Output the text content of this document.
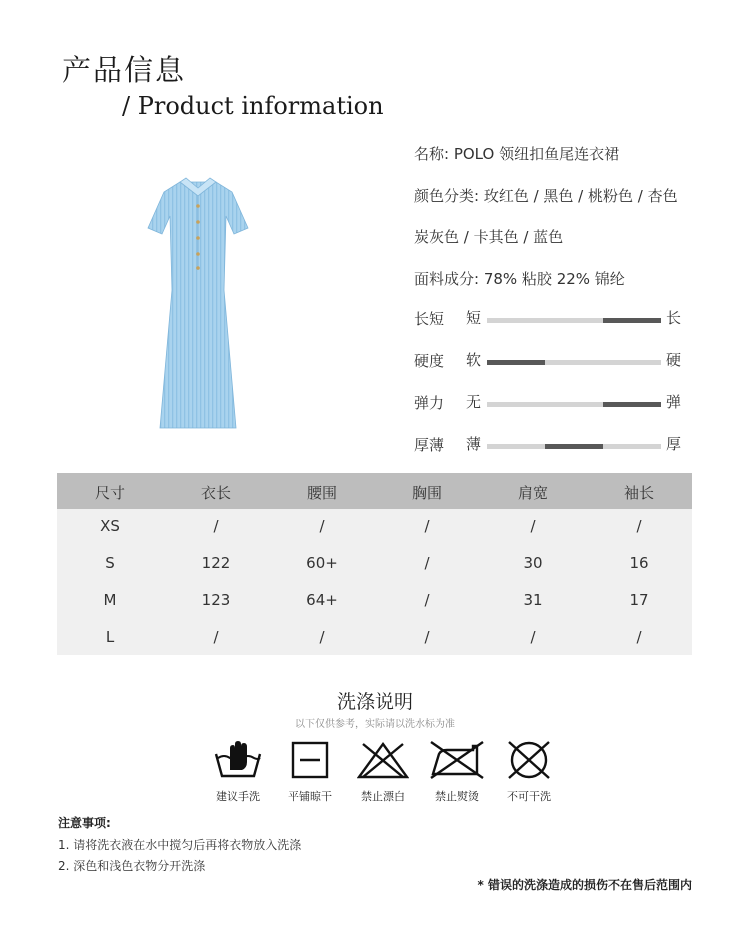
产品信息
/ Product information
名称: POLO 领纽扣鱼尾连衣裙
颜色分类: 玫红色 / 黑色 / 桃粉色 / 杏色
炭灰色 / 卡其色 / 蓝色
面料成分: 78% 粘胶 22% 锦纶
长短 短	长
硬度 软	硬
弹力 无	弹
厚薄 薄	厚
尺寸	衣长	腰围	胸围	肩宽	袖长
XS	/	/	/	/	/
S	122	60+	/	30	16
M	123	64+	/	31	17
L	/	/	/	/	/
洗涤说明
以下仅供参考，实际请以洗水标为准
建议手洗	平铺晾干	禁止漂白	禁止熨烫	不可干洗
注意事项:
1. 请将洗衣液在水中搅匀后再将衣物放入洗涤
2. 深色和浅色衣物分开洗涤
* 错误的洗涤造成的损伤不在售后范围内
